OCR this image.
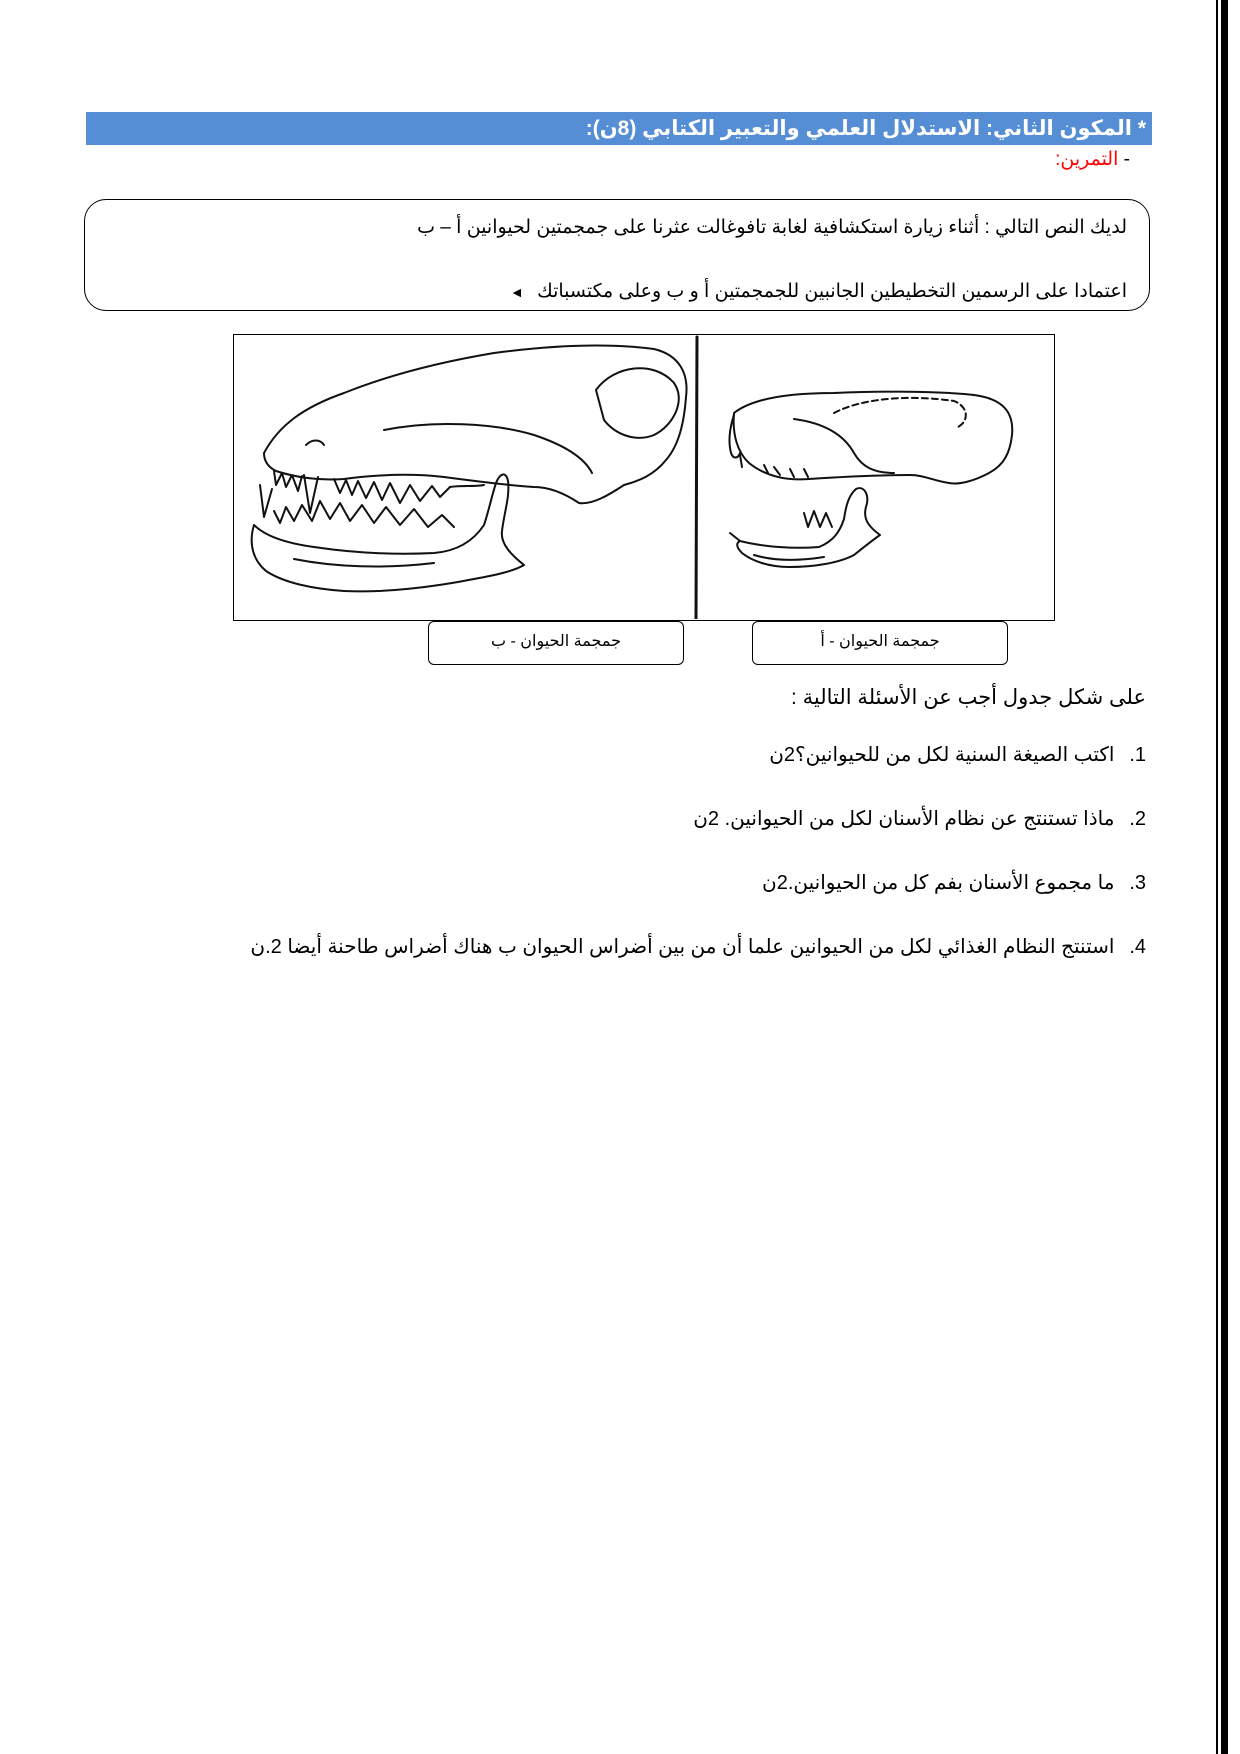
* المكون الثاني: الاستدلال العلمي والتعبير الكتابي (8ن):
- التمرين:
لديك النص التالي : أثناء زيارة استكشافية لغابة تافوغالت عثرنا على جمجمتين لحيوانين أ – ب
اعتمادا على الرسمين التخطيطين الجانبين للجمجمتين أ و ب وعلى مكتسباتك ◄
جمجمة الحيوان - أ
جمجمة الحيوان - ب
على شكل جدول أجب عن الأسئلة التالية :
1. اكتب الصيغة السنية لكل من للحيوانين؟2ن
2. ماذا تستنتج عن نظام الأسنان لكل من الحيوانين. 2ن
3. ما مجموع الأسنان بفم كل من الحيوانين.2ن
4. استنتج النظام الغذائي لكل من الحيوانين علما أن من بين أضراس الحيوان ب هناك أضراس طاحنة أيضا 2.ن
